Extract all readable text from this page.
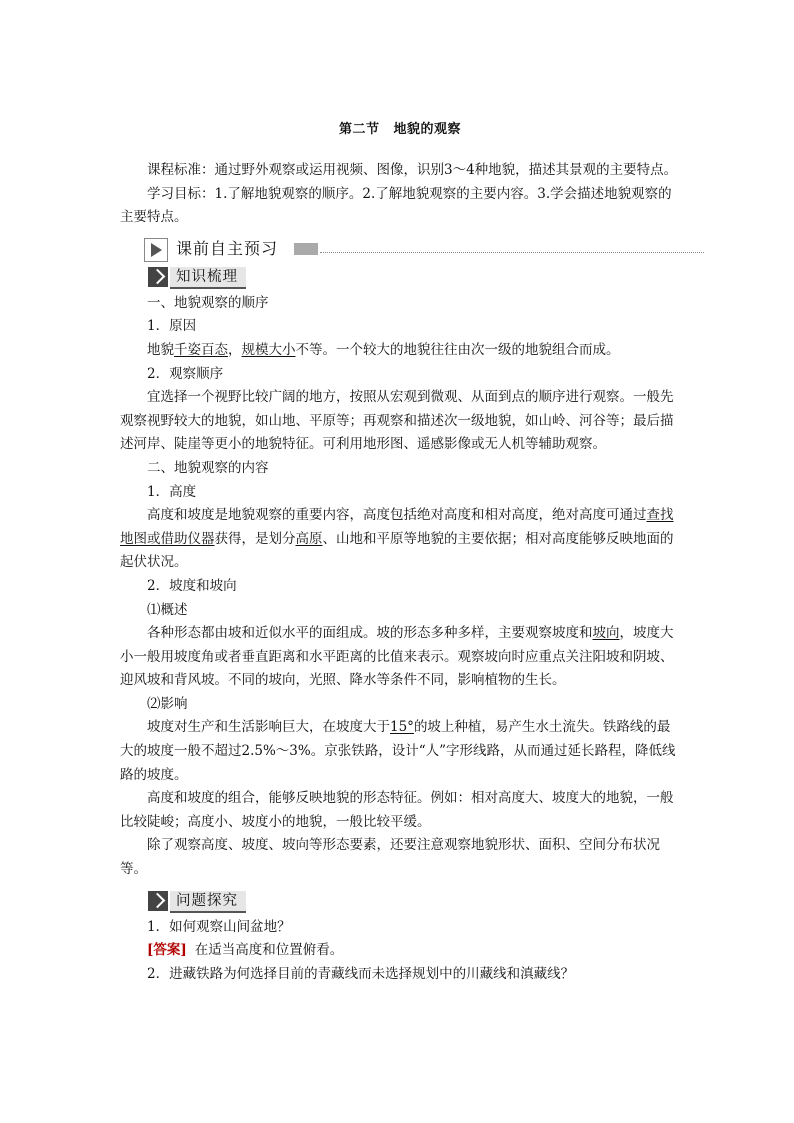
第二节 地貌的观察

课程标准：通过野外观察或运用视频、图像，识别3～4种地貌，描述其景观的主要特点。

学习目标：1.了解地貌观察的顺序。2.了解地貌观察的主要内容。3.学会描述地貌观察的主要特点。

课前自主预习
知识梳理

一、地貌观察的顺序

1．原因

地貌千姿百态，规模大小不等。一个较大的地貌往往由次一级的地貌组合而成。

2．观察顺序

宜选择一个视野比较广阔的地方，按照从宏观到微观、从面到点的顺序进行观察。一般先观察视野较大的地貌，如山地、平原等；再观察和描述次一级地貌，如山岭、河谷等；最后描述河岸、陡崖等更小的地貌特征。可利用地形图、遥感影像或无人机等辅助观察。

二、地貌观察的内容

1．高度

高度和坡度是地貌观察的重要内容，高度包括绝对高度和相对高度，绝对高度可通过查找地图或借助仪器获得，是划分高原、山地和平原等地貌的主要依据；相对高度能够反映地面的起伏状况。

2．坡度和坡向

⑴概述

各种形态都由坡和近似水平的面组成。坡的形态多种多样，主要观察坡度和坡向，坡度大小一般用坡度角或者垂直距离和水平距离的比值来表示。观察坡向时应重点关注阳坡和阴坡、迎风坡和背风坡。不同的坡向，光照、降水等条件不同，影响植物的生长。

⑵影响

坡度对生产和生活影响巨大，在坡度大于15°的坡上种植，易产生水土流失。铁路线的最大的坡度一般不超过2.5%～3%。京张铁路，设计“人”字形线路，从而通过延长路程，降低线路的坡度。

高度和坡度的组合，能够反映地貌的形态特征。例如：相对高度大、坡度大的地貌，一般比较陡峻；高度小、坡度小的地貌，一般比较平缓。

除了观察高度、坡度、坡向等形态要素，还要注意观察地貌形状、面积、空间分布状况等。

问题探究

1．如何观察山间盆地？

[答案] 在适当高度和位置俯看。

2．进藏铁路为何选择目前的青藏线而未选择规划中的川藏线和滇藏线？
